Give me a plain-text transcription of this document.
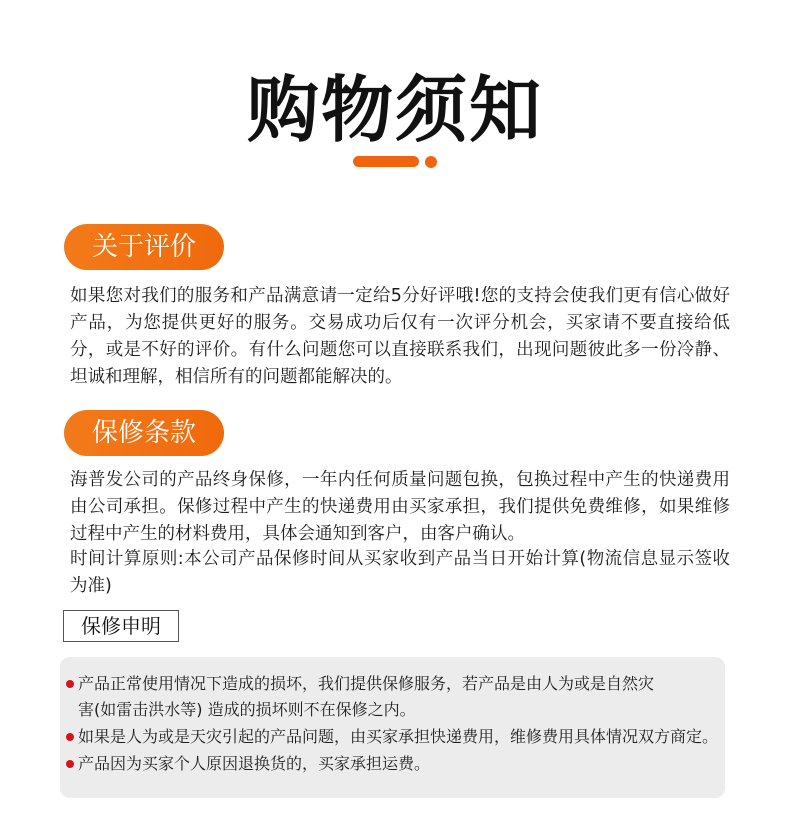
购物须知
关于评价

如果您对我们的服务和产品满意请一定给5分好评哦!您的支持会使我们更有信心做好产品，为您提供更好的服务。交易成功后仅有一次评分机会，买家请不要直接给低分，或是不好的评价。有什么问题您可以直接联系我们，出现问题彼此多一份冷静、坦诚和理解，相信所有的问题都能解决的。

保修条款

海普发公司的产品终身保修，一年内任何质量问题包换，包换过程中产生的快递费用由公司承担。保修过程中产生的快递费用由买家承担，我们提供免费维修，如果维修过程中产生的材料费用，具体会通知到客户，由客户确认。

时间计算原则:本公司产品保修时间从买家收到产品当日开始计算(物流信息显示签收为准)

保修申明
产品正常使用情况下造成的损坏，我们提供保修服务，若产品是由人为或是自然灾害(如雷击洪水等) 造成的损坏则不在保修之内。
如果是人为或是天灾引起的产品问题，由买家承担快递费用，维修费用具体情况双方商定。
产品因为买家个人原因退换货的，买家承担运费。
